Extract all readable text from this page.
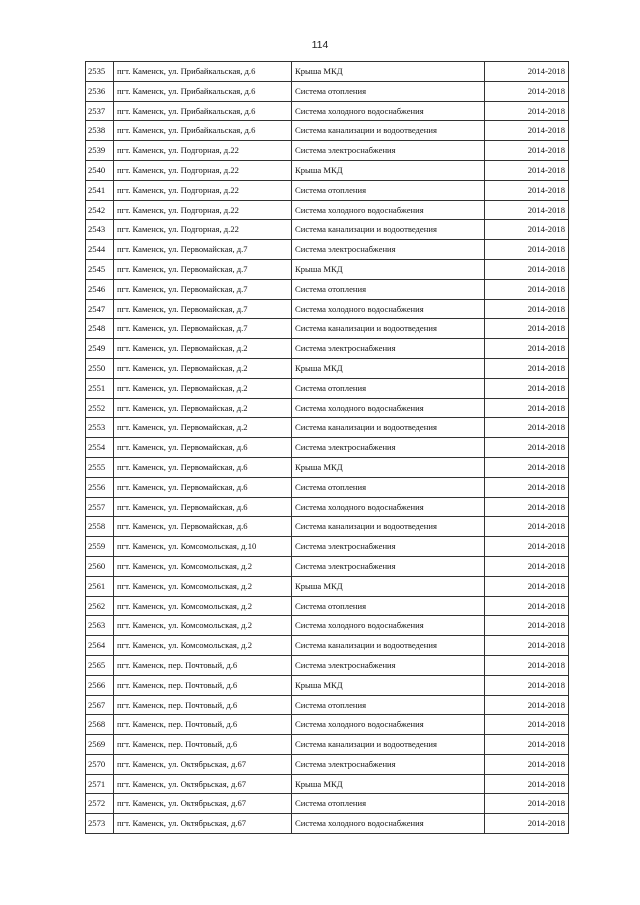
114
2535	пгт. Каменск, ул. Прибайкальская, д.6	Крыша МКД	2014-2018
2536	пгт. Каменск, ул. Прибайкальская, д.6	Система отопления	2014-2018
2537	пгт. Каменск, ул. Прибайкальская, д.6	Система холодного водоснабжения	2014-2018
2538	пгт. Каменск, ул. Прибайкальская, д.6	Система канализации и водоотведения	2014-2018
2539	пгт. Каменск, ул. Подгорная, д.22	Система электроснабжения	2014-2018
2540	пгт. Каменск, ул. Подгорная, д.22	Крыша МКД	2014-2018
2541	пгт. Каменск, ул. Подгорная, д.22	Система отопления	2014-2018
2542	пгт. Каменск, ул. Подгорная, д.22	Система холодного водоснабжения	2014-2018
2543	пгт. Каменск, ул. Подгорная, д.22	Система канализации и водоотведения	2014-2018
2544	пгт. Каменск, ул. Первомайская, д.7	Система электроснабжения	2014-2018
2545	пгт. Каменск, ул. Первомайская, д.7	Крыша МКД	2014-2018
2546	пгт. Каменск, ул. Первомайская, д.7	Система отопления	2014-2018
2547	пгт. Каменск, ул. Первомайская, д.7	Система холодного водоснабжения	2014-2018
2548	пгт. Каменск, ул. Первомайская, д.7	Система канализации и водоотведения	2014-2018
2549	пгт. Каменск, ул. Первомайская, д.2	Система электроснабжения	2014-2018
2550	пгт. Каменск, ул. Первомайская, д.2	Крыша МКД	2014-2018
2551	пгт. Каменск, ул. Первомайская, д.2	Система отопления	2014-2018
2552	пгт. Каменск, ул. Первомайская, д.2	Система холодного водоснабжения	2014-2018
2553	пгт. Каменск, ул. Первомайская, д.2	Система канализации и водоотведения	2014-2018
2554	пгт. Каменск, ул. Первомайская, д.6	Система электроснабжения	2014-2018
2555	пгт. Каменск, ул. Первомайская, д.6	Крыша МКД	2014-2018
2556	пгт. Каменск, ул. Первомайская, д.6	Система отопления	2014-2018
2557	пгт. Каменск, ул. Первомайская, д.6	Система холодного водоснабжения	2014-2018
2558	пгт. Каменск, ул. Первомайская, д.6	Система канализации и водоотведения	2014-2018
2559	пгт. Каменск, ул. Комсомольская, д.10	Система электроснабжения	2014-2018
2560	пгт. Каменск, ул. Комсомольская, д.2	Система электроснабжения	2014-2018
2561	пгт. Каменск, ул. Комсомольская, д.2	Крыша МКД	2014-2018
2562	пгт. Каменск, ул. Комсомольская, д.2	Система отопления	2014-2018
2563	пгт. Каменск, ул. Комсомольская, д.2	Система холодного водоснабжения	2014-2018
2564	пгт. Каменск, ул. Комсомольская, д.2	Система канализации и водоотведения	2014-2018
2565	пгт. Каменск, пер. Почтовый, д.6	Система электроснабжения	2014-2018
2566	пгт. Каменск, пер. Почтовый, д.6	Крыша МКД	2014-2018
2567	пгт. Каменск, пер. Почтовый, д.6	Система отопления	2014-2018
2568	пгт. Каменск, пер. Почтовый, д.6	Система холодного водоснабжения	2014-2018
2569	пгт. Каменск, пер. Почтовый, д.6	Система канализации и водоотведения	2014-2018
2570	пгт. Каменск, ул. Октябрьская, д.67	Система электроснабжения	2014-2018
2571	пгт. Каменск, ул. Октябрьская, д.67	Крыша МКД	2014-2018
2572	пгт. Каменск, ул. Октябрьская, д.67	Система отопления	2014-2018
2573	пгт. Каменск, ул. Октябрьская, д.67	Система холодного водоснабжения	2014-2018
